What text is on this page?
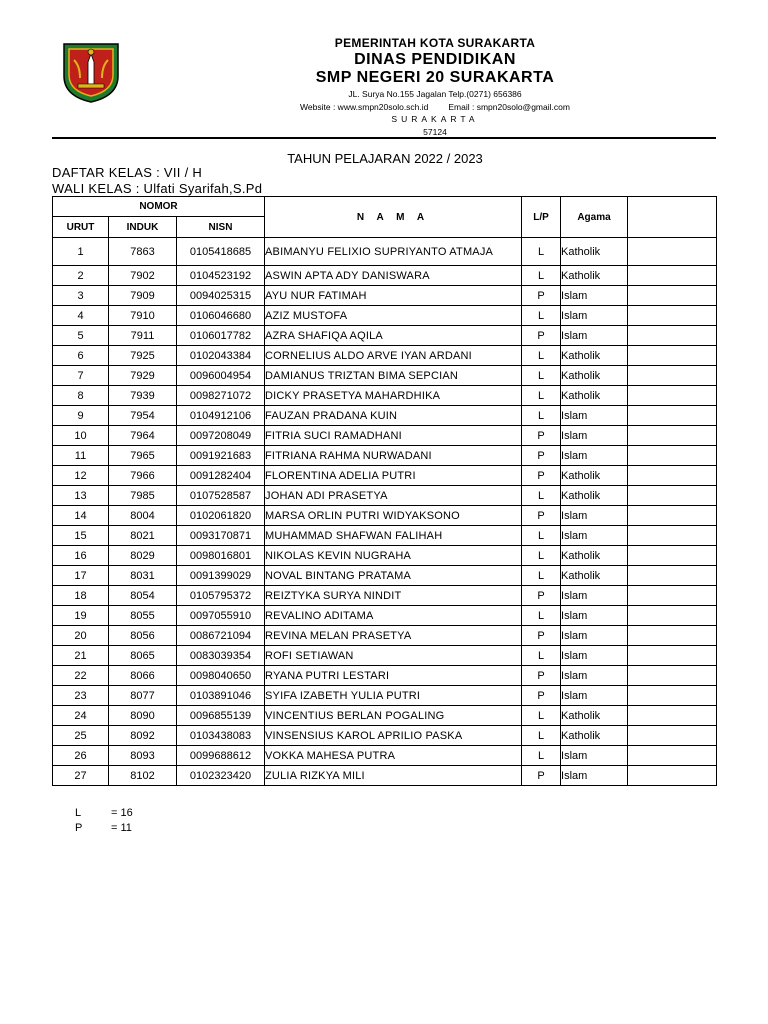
PEMERINTAH KOTA SURAKARTA
DINAS PENDIDIKAN
SMP NEGERI 20 SURAKARTA
JL. Surya No.155 Jagalan Telp.(0271) 656386
Website : www.smpn20solo.sch.id Email : smpn20solo@gmail.com
SURAKARTA
57124
TAHUN PELAJARAN 2022 / 2023
DAFTAR KELAS : VII / H
WALI KELAS : Ulfati Syarifah,S.Pd
NOMOR			N A M A	L/P	Agama	
URUT	INDUK	NISN				
1	7863	0105418685	ABIMANYU FELIXIO SUPRIYANTO ATMAJA	L	Katholik	
2	7902	0104523192	ASWIN APTA ADY DANISWARA	L	Katholik	
3	7909	0094025315	AYU NUR FATIMAH	P	Islam	
4	7910	0106046680	AZIZ MUSTOFA	L	Islam	
5	7911	0106017782	AZRA SHAFIQA AQILA	P	Islam	
6	7925	0102043384	CORNELIUS ALDO ARVE IYAN ARDANI	L	Katholik	
7	7929	0096004954	DAMIANUS TRIZTAN BIMA SEPCIAN	L	Katholik	
8	7939	0098271072	DICKY PRASETYA MAHARDHIKA	L	Katholik	
9	7954	0104912106	FAUZAN PRADANA KUIN	L	Islam	
10	7964	0097208049	FITRIA SUCI RAMADHANI	P	Islam	
11	7965	0091921683	FITRIANA RAHMA NURWADANI	P	Islam	
12	7966	0091282404	FLORENTINA ADELIA PUTRI	P	Katholik	
13	7985	0107528587	JOHAN ADI PRASETYA	L	Katholik	
14	8004	0102061820	MARSA ORLIN PUTRI WIDYAKSONO	P	Islam	
15	8021	0093170871	MUHAMMAD SHAFWAN FALIHAH	L	Islam	
16	8029	0098016801	NIKOLAS KEVIN NUGRAHA	L	Katholik	
17	8031	0091399029	NOVAL BINTANG PRATAMA	L	Katholik	
18	8054	0105795372	REIZTYKA SURYA NINDIT	P	Islam	
19	8055	0097055910	REVALINO ADITAMA	L	Islam	
20	8056	0086721094	REVINA MELAN PRASETYA	P	Islam	
21	8065	0083039354	ROFI SETIAWAN	L	Islam	
22	8066	0098040650	RYANA PUTRI LESTARI	P	Islam	
23	8077	0103891046	SYIFA IZABETH YULIA PUTRI	P	Islam	
24	8090	0096855139	VINCENTIUS BERLAN POGALING	L	Katholik	
25	8092	0103438083	VINSENSIUS KAROL APRILIO PASKA	L	Katholik	
26	8093	0099688612	VOKKA MAHESA PUTRA	L	Islam	
27	8102	0102323420	ZULIA RIZKYA MILI	P	Islam	
L	= 16
P	= 11
